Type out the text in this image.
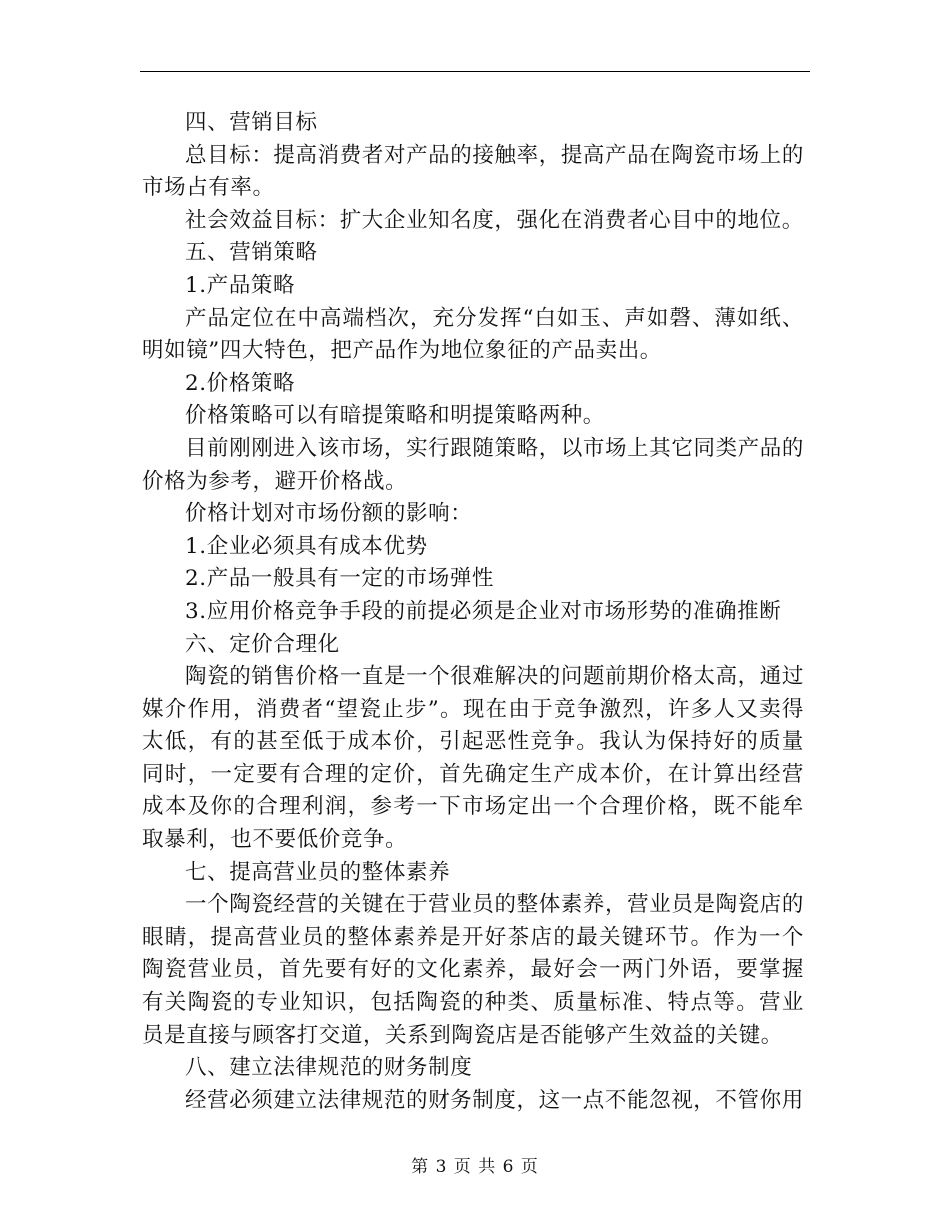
四、营销目标

总目标：提高消费者对产品的接触率，提高产品在陶瓷市场上的市场占有率。

社会效益目标：扩大企业知名度，强化在消费者心目中的地位。

五、营销策略

1.产品策略

产品定位在中高端档次，充分发挥“白如玉、声如磬、薄如纸、明如镜”四大特色，把产品作为地位象征的产品卖出。

2.价格策略

价格策略可以有暗提策略和明提策略两种。

目前刚刚进入该市场，实行跟随策略，以市场上其它同类产品的价格为参考，避开价格战。

价格计划对市场份额的影响：

1.企业必须具有成本优势

2.产品一般具有一定的市场弹性

3.应用价格竞争手段的前提必须是企业对市场形势的准确推断

六、定价合理化

陶瓷的销售价格一直是一个很难解决的问题前期价格太高，通过媒介作用，消费者“望瓷止步”。现在由于竞争激烈，许多人又卖得太低，有的甚至低于成本价，引起恶性竞争。我认为保持好的质量同时，一定要有合理的定价，首先确定生产成本价，在计算出经营成本及你的合理利润，参考一下市场定出一个合理价格，既不能牟取暴利，也不要低价竞争。

七、提高营业员的整体素养

一个陶瓷经营的关键在于营业员的整体素养，营业员是陶瓷店的眼睛，提高营业员的整体素养是开好茶店的最关键环节。作为一个陶瓷营业员，首先要有好的文化素养，最好会一两门外语，要掌握有关陶瓷的专业知识，包括陶瓷的种类、质量标准、特点等。营业员是直接与顾客打交道，关系到陶瓷店是否能够产生效益的关键。

八、建立法律规范的财务制度

经营必须建立法律规范的财务制度，这一点不能忽视，不管你用

第 3 页 共 6 页
